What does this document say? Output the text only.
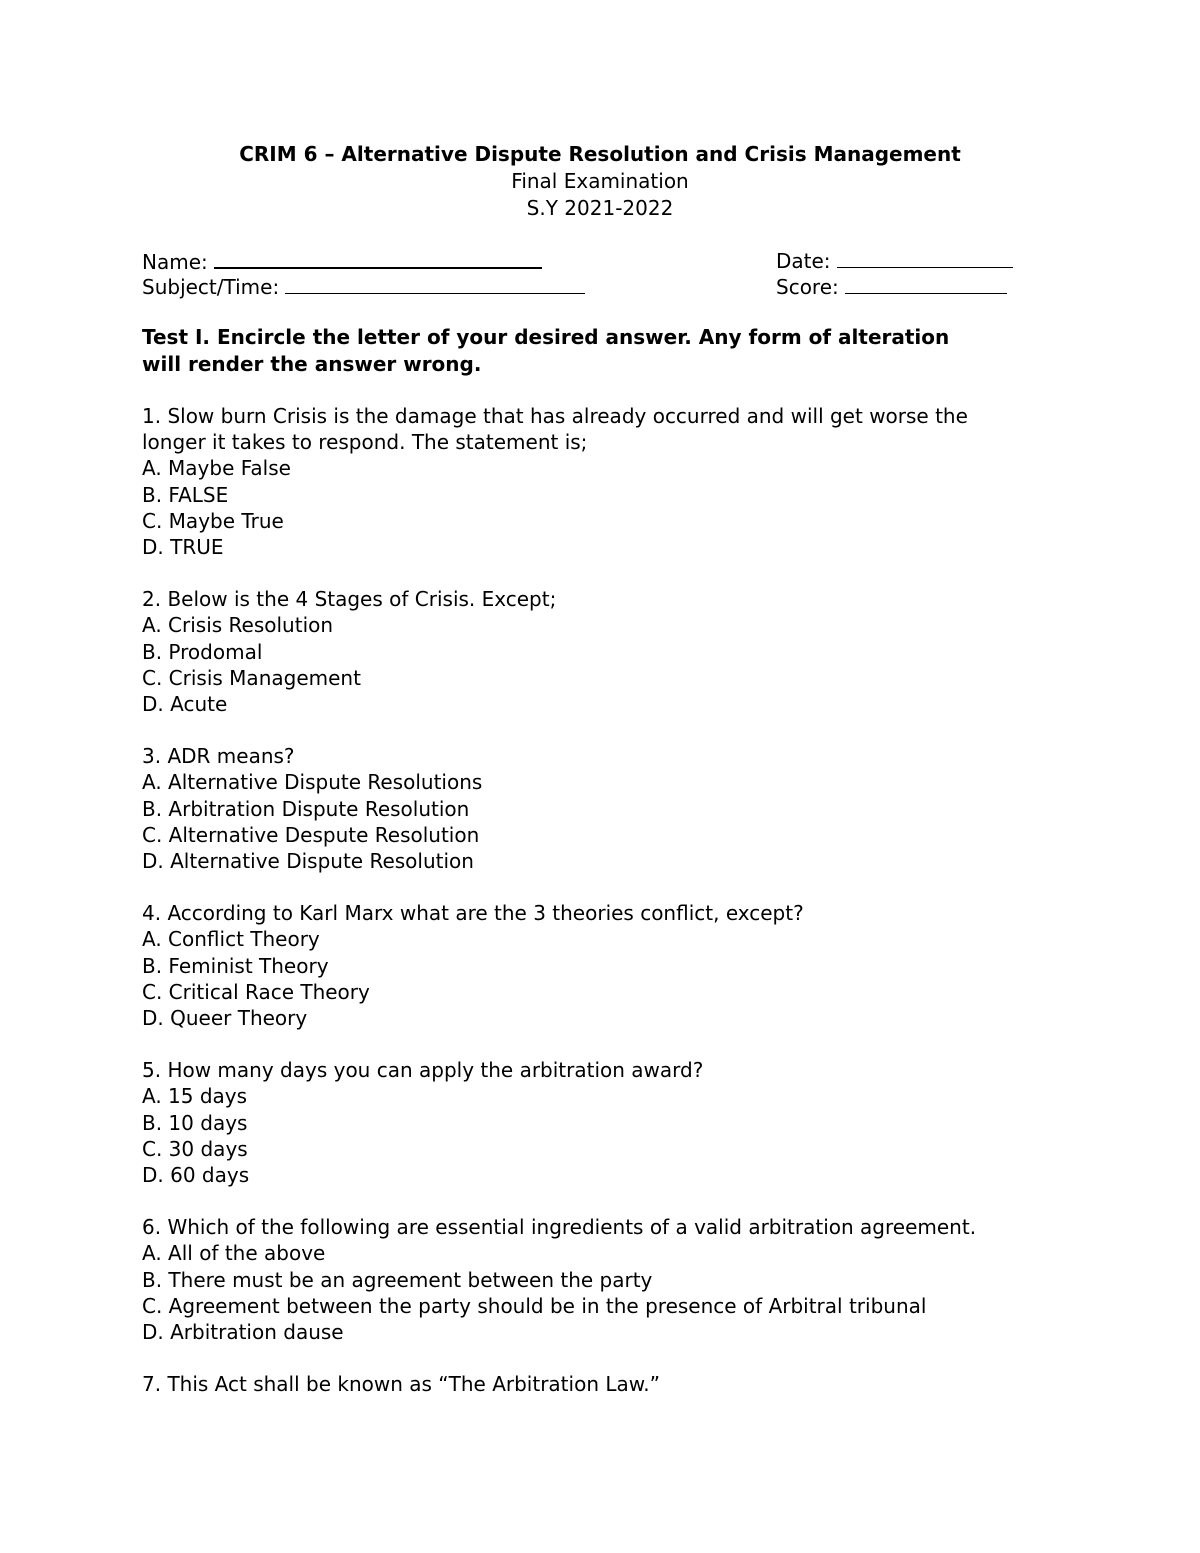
CRIM 6 – Alternative Dispute Resolution and Crisis Management
Final Examination
S.Y 2021-2022
Name:	Date:
Subject/Time:	Score:
Test I. Encircle the letter of your desired answer. Any form of alteration
will render the answer wrong.
1. Slow burn Crisis is the damage that has already occurred and will get worse the
longer it takes to respond. The statement is;
A. Maybe False
B. FALSE
C. Maybe True
D. TRUE
2. Below is the 4 Stages of Crisis. Except;
A. Crisis Resolution
B. Prodomal
C. Crisis Management
D. Acute
3. ADR means?
A. Alternative Dispute Resolutions
B. Arbitration Dispute Resolution
C. Alternative Despute Resolution
D. Alternative Dispute Resolution
4. According to Karl Marx what are the 3 theories conflict, except?
A. Conflict Theory
B. Feminist Theory
C. Critical Race Theory
D. Queer Theory
5. How many days you can apply the arbitration award?
A. 15 days
B. 10 days
C. 30 days
D. 60 days
6. Which of the following are essential ingredients of a valid arbitration agreement.
A. All of the above
B. There must be an agreement between the party
C. Agreement between the party should be in the presence of Arbitral tribunal
D. Arbitration dause
7. This Act shall be known as “The Arbitration Law.”
